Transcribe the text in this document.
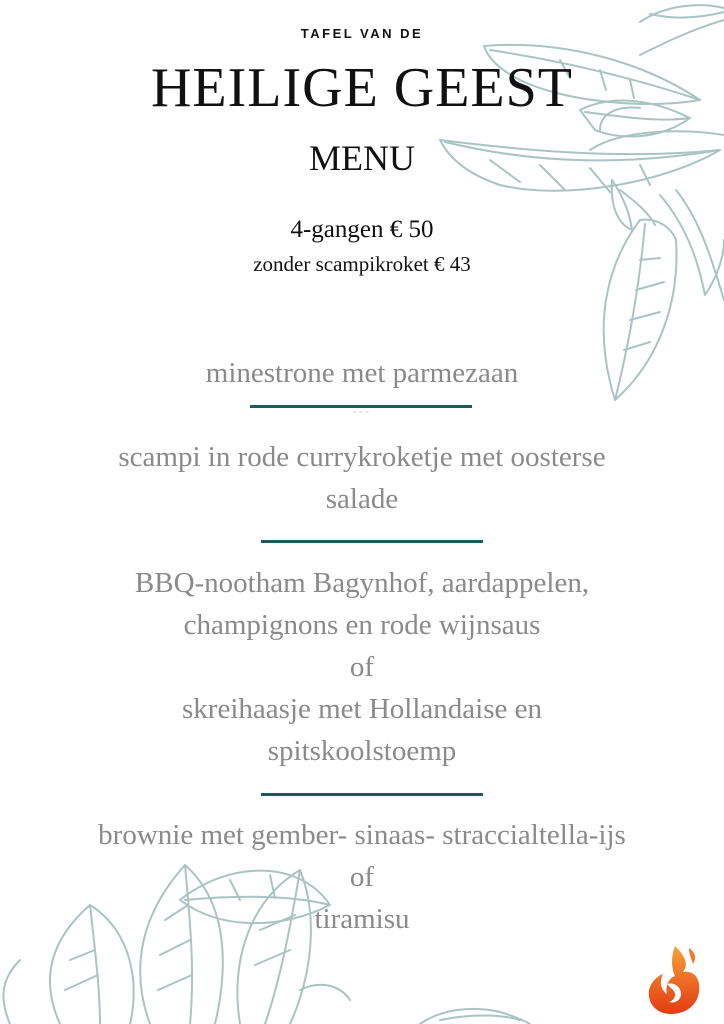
TAFEL VAN DE
HEILIGE GEEST
MENU
4-gangen € 50
zonder scampikroket € 43
minestrone met parmezaan
---
scampi in rode currykroketje met oosterse
salade
BBQ-nootham Bagynhof, aardappelen,
champignons en rode wijnsaus
of
skreihaasje met Hollandaise en
spitskoolstoemp
brownie met gember- sinaas- straccialtella-ijs
of
tiramisu
